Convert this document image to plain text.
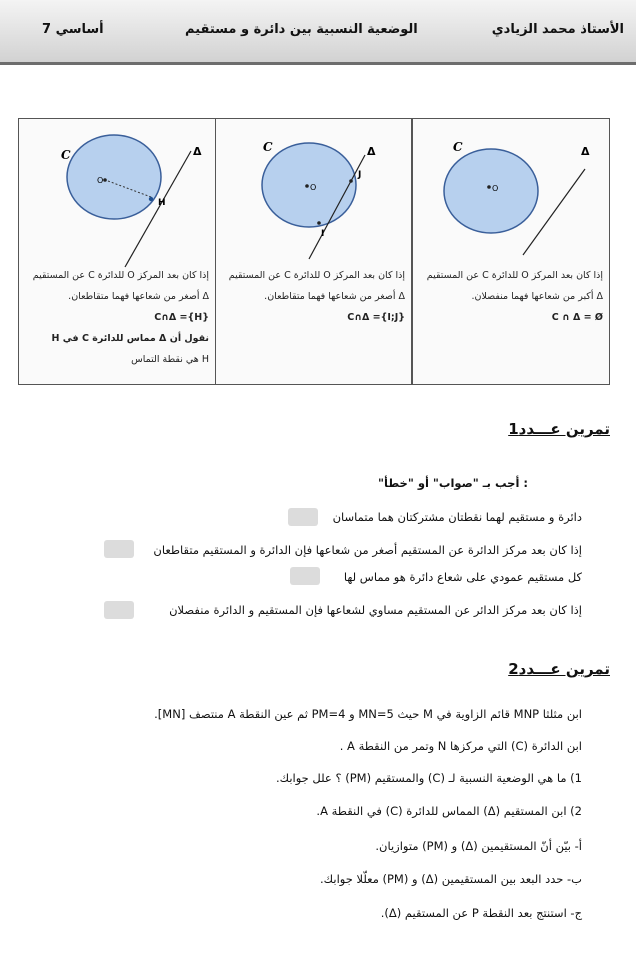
الأستاذ محمد الزيادي
الوضعية النسبية بين دائرة و مستقيم
7 أساسي
C	Δ
O
إذا كان بعد المركز O للدائرة C عن المستقيم Δ أكبر من شعاعها فهما منفصلان.
C ∩ Δ = Ø
C	Δ
O
J
I
إذا كان بعد المركز O للدائرة C عن المستقيم Δ أصغر من شعاعها فهما متقاطعان.
C∩Δ ={I;J}
C	Δ
O
H
إذا كان بعد المركز O للدائرة C عن المستقيم Δ أصغر من شعاعها فهما متقاطعان.
C∩Δ ={H}
نقول أن Δ مماس للدائرة C في H
H هي نقطة التماس
تمرين عـــدد1
: أجب بـ "صواب" أو "خطأ"
دائرة و مستقيم لهما نقطتان مشتركتان هما متماسان
إذا كان بعد مركز الدائرة عن المستقيم أصغر من شعاعها فإن الدائرة و المستقيم متقاطعان
كل مستقيم عمودي على شعاع دائرة هو مماس لها
إذا كان بعد مركز الدائر عن المستقيم مساوي لشعاعها فإن المستقيم و الدائرة منفصلان
تمرين عـــدد2
ابن مثلثا MNP قائم الزاوية في M حيث MN=5 و PM=4 ثم عين النقطة A منتصف [MN].
ابن الدائرة (C) التي مركزها N وتمر من النقطة A .
1) ما هي الوضعية النسبية لـ (C) والمستقيم (PM) ؟ علل جوابك.
2) ابن المستقيم (Δ) المماس للدائرة (C) في النقطة A.
أ- بيّن أنّ المستقيمين (Δ) و (PM) متوازيان.
ب- حدد البعد بين المستقيمين (Δ) و (PM) معلّلا جوابك.
ج- استنتج بعد النقطة P عن المستقيم (Δ).
